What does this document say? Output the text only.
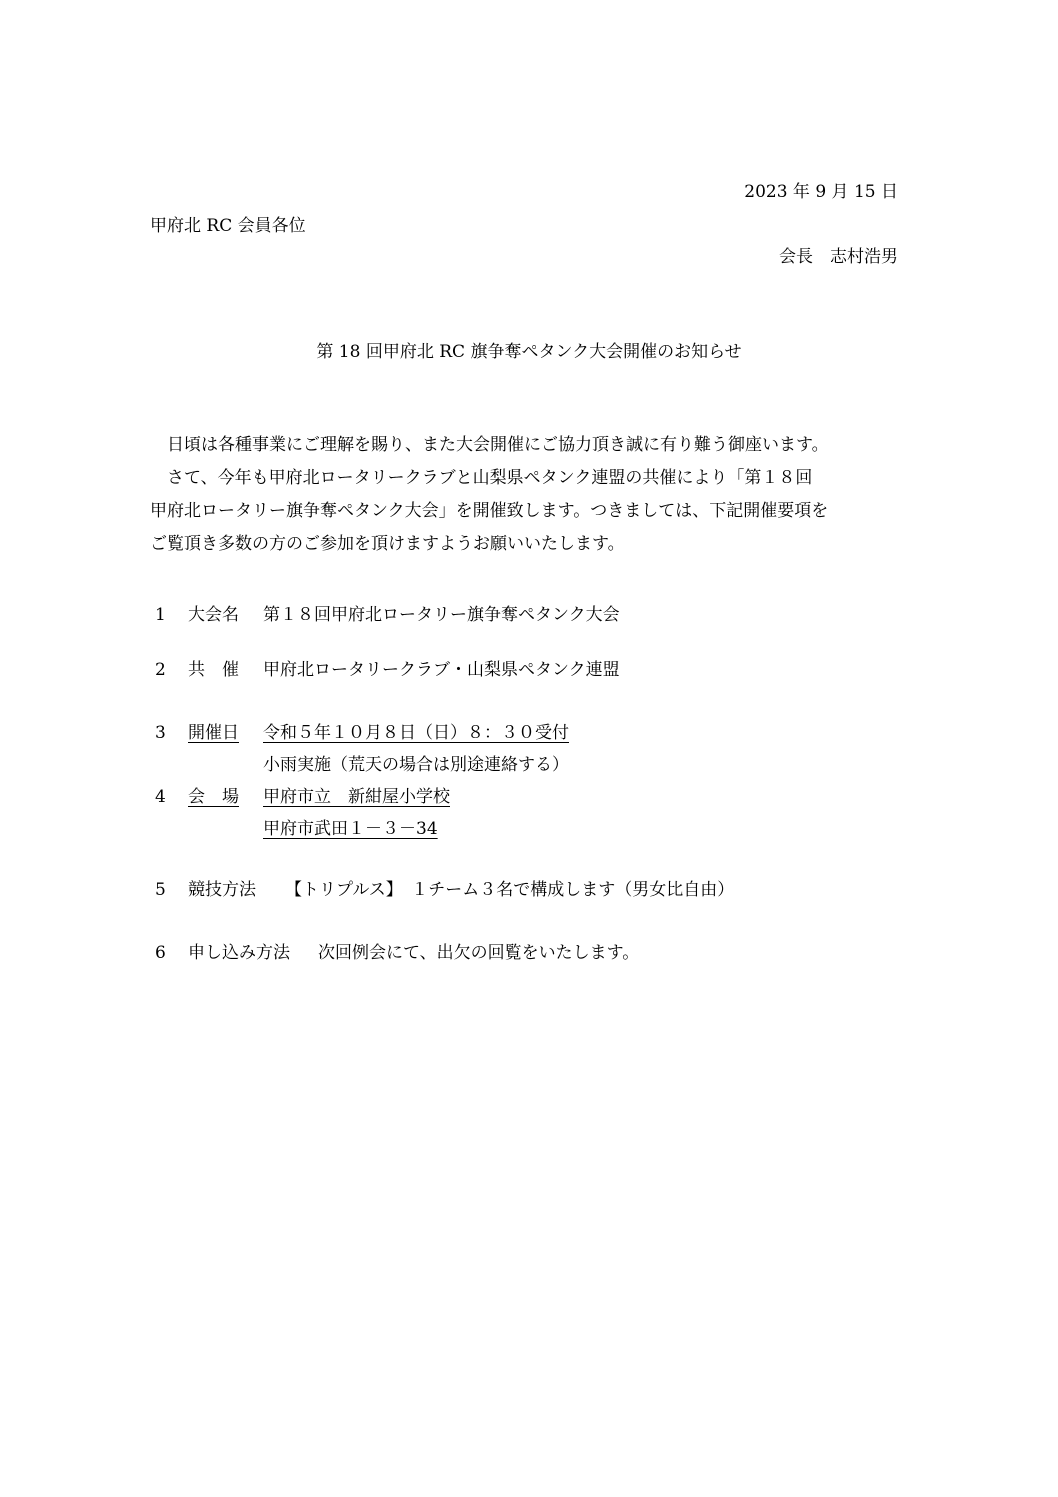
2023 年 9 月 15 日
甲府北 RC 会員各位
会長　志村浩男
第 18 回甲府北 RC 旗争奪ペタンク大会開催のお知らせ
　日頃は各種事業にご理解を賜り、また大会開催にご協力頂き誠に有り難う御座います。
　さて、今年も甲府北ロータリークラブと山梨県ペタンク連盟の共催により「第１８回
甲府北ロータリー旗争奪ペタンク大会」を開催致します。つきましては、下記開催要項を
ご覧頂き多数の方のご参加を頂けますようお願いいたします。
1 大会名 第１８回甲府北ロータリー旗争奪ペタンク大会
2 共　催 甲府北ロータリークラブ・山梨県ペタンク連盟
3 開催日 令和５年１０月８日（日）８：３０受付
小雨実施（荒天の場合は別途連絡する）
4 会　場 甲府市立　新紺屋小学校
甲府市武田１－３－34
5 競技方法 【トリプルス】　１チーム３名で構成します（男女比自由）
6 申し込み方法 次回例会にて、出欠の回覧をいたします。
